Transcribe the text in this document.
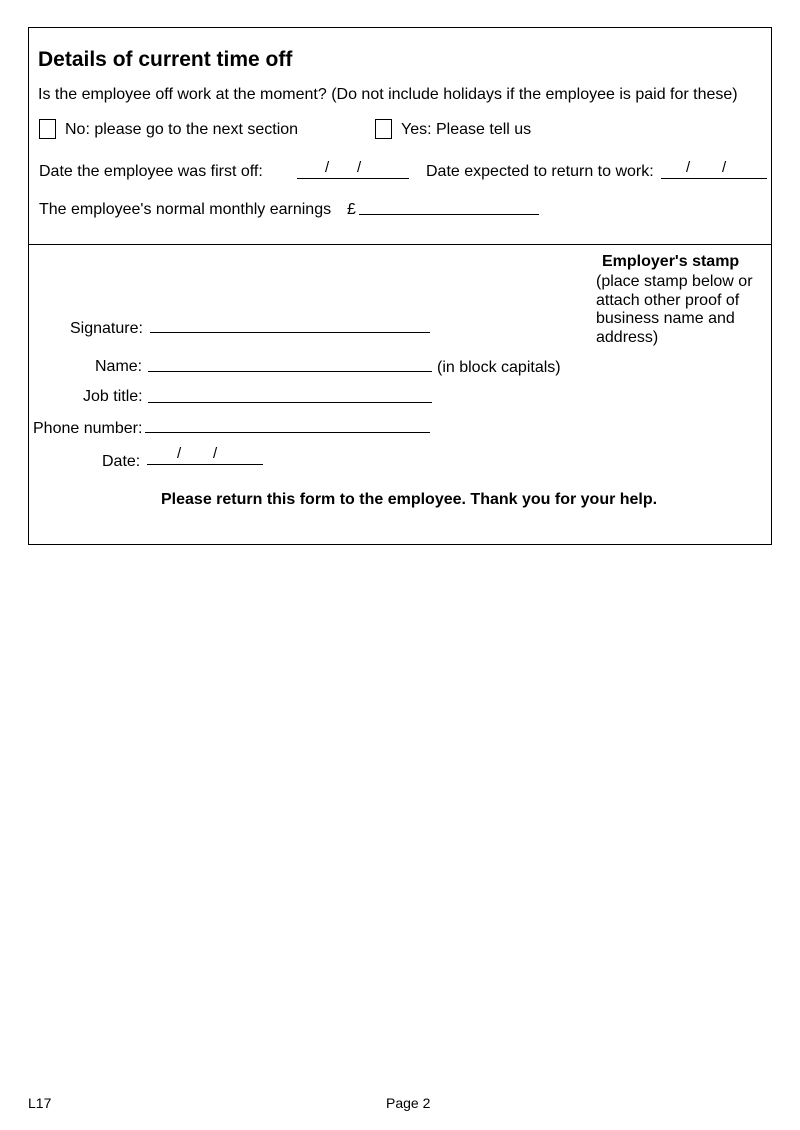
Details of current time off
Is the employee off work at the moment? (Do not include holidays if the employee is paid for these)
No: please go to the next section	Yes: Please tell us
Date the employee was first off:	/ /	Date expected to return to work: / /
The employee's normal monthly earnings £
Employer's stamp
(place stamp below or attach other proof of business name and address)
Signature:
Name:	(in block capitals)
Job title:
Phone number:
Date: / /
Please return this form to the employee. Thank you for your help.
L17	Page 2
